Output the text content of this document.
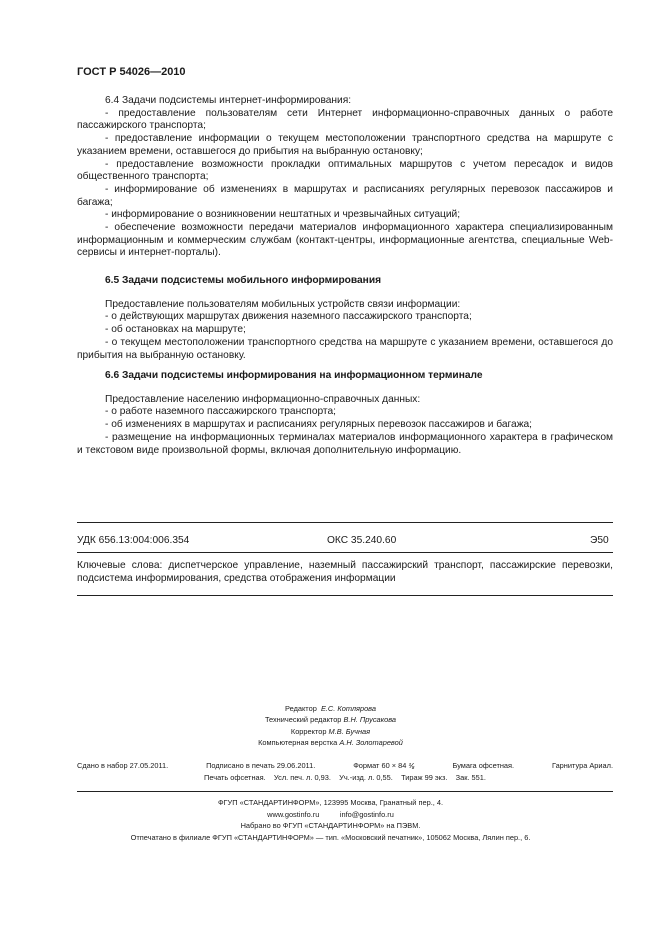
ГОСТ Р 54026—2010

6.4 Задачи подсистемы интернет-информирования:

- предоставление пользователям сети Интернет информационно-справочных данных о работе пассажирского транспорта;

- предоставление информации о текущем местоположении транспортного средства на маршруте с указанием времени, оставшегося до прибытия на выбранную остановку;

- предоставление возможности прокладки оптимальных маршрутов с учетом пересадок и видов общественного транспорта;

- информирование об изменениях в маршрутах и расписаниях регулярных перевозок пассажиров и багажа;

- информирование о возникновении нештатных и чрезвычайных ситуаций;

- обеспечение возможности передачи материалов информационного характера специализированным информационным и коммерческим службам (контакт-центры, информационные агентства, специальные Web-сервисы и интернет-порталы).

6.5 Задачи подсистемы мобильного информирования

Предоставление пользователям мобильных устройств связи информации:

- о действующих маршрутах движения наземного пассажирского транспорта;

- об остановках на маршруте;

- о текущем местоположении транспортного средства на маршруте с указанием времени, оставшегося до прибытия на выбранную остановку.

6.6 Задачи подсистемы информирования на информационном терминале

Предоставление населению информационно-справочных данных:

- о работе наземного пассажирского транспорта;

- об изменениях в маршрутах и расписаниях регулярных перевозок пассажиров и багажа;

- размещение на информационных терминалах материалов информационного характера в графическом и текстовом виде произвольной формы, включая дополнительную информацию.

УДК 656.13:004:006.354	ОКС 35.240.60	Э50
Ключевые слова: диспетчерское управление, наземный пассажирский транспорт, пассажирские перевозки, подсистема информирования, средства отображения информации
Редактор Е.С. Котлярова
Технический редактор В.Н. Прусакова
Корректор М.В. Бучная
Компьютерная верстка А.Н. Золотаревой
Сдано в набор 27.05.2011.	Подписано в печать 29.06.2011.	Формат 60 × 84 ⅛	Бумага офсетная.	Гарнитура Ариал.
Печать офсетная. Усл. печ. л. 0,93. Уч.-изд. л. 0,55. Тираж 99 экз. Зак. 551.
ФГУП «СТАНДАРТИНФОРМ», 123995 Москва, Гранатный пер., 4.
www.gostinfo.ru          info@gostinfo.ru
Набрано во ФГУП «СТАНДАРТИНФОРМ» на ПЭВМ.
Отпечатано в филиале ФГУП «СТАНДАРТИНФОРМ» — тип. «Московский печатник», 105062 Москва, Лялин пер., 6.
